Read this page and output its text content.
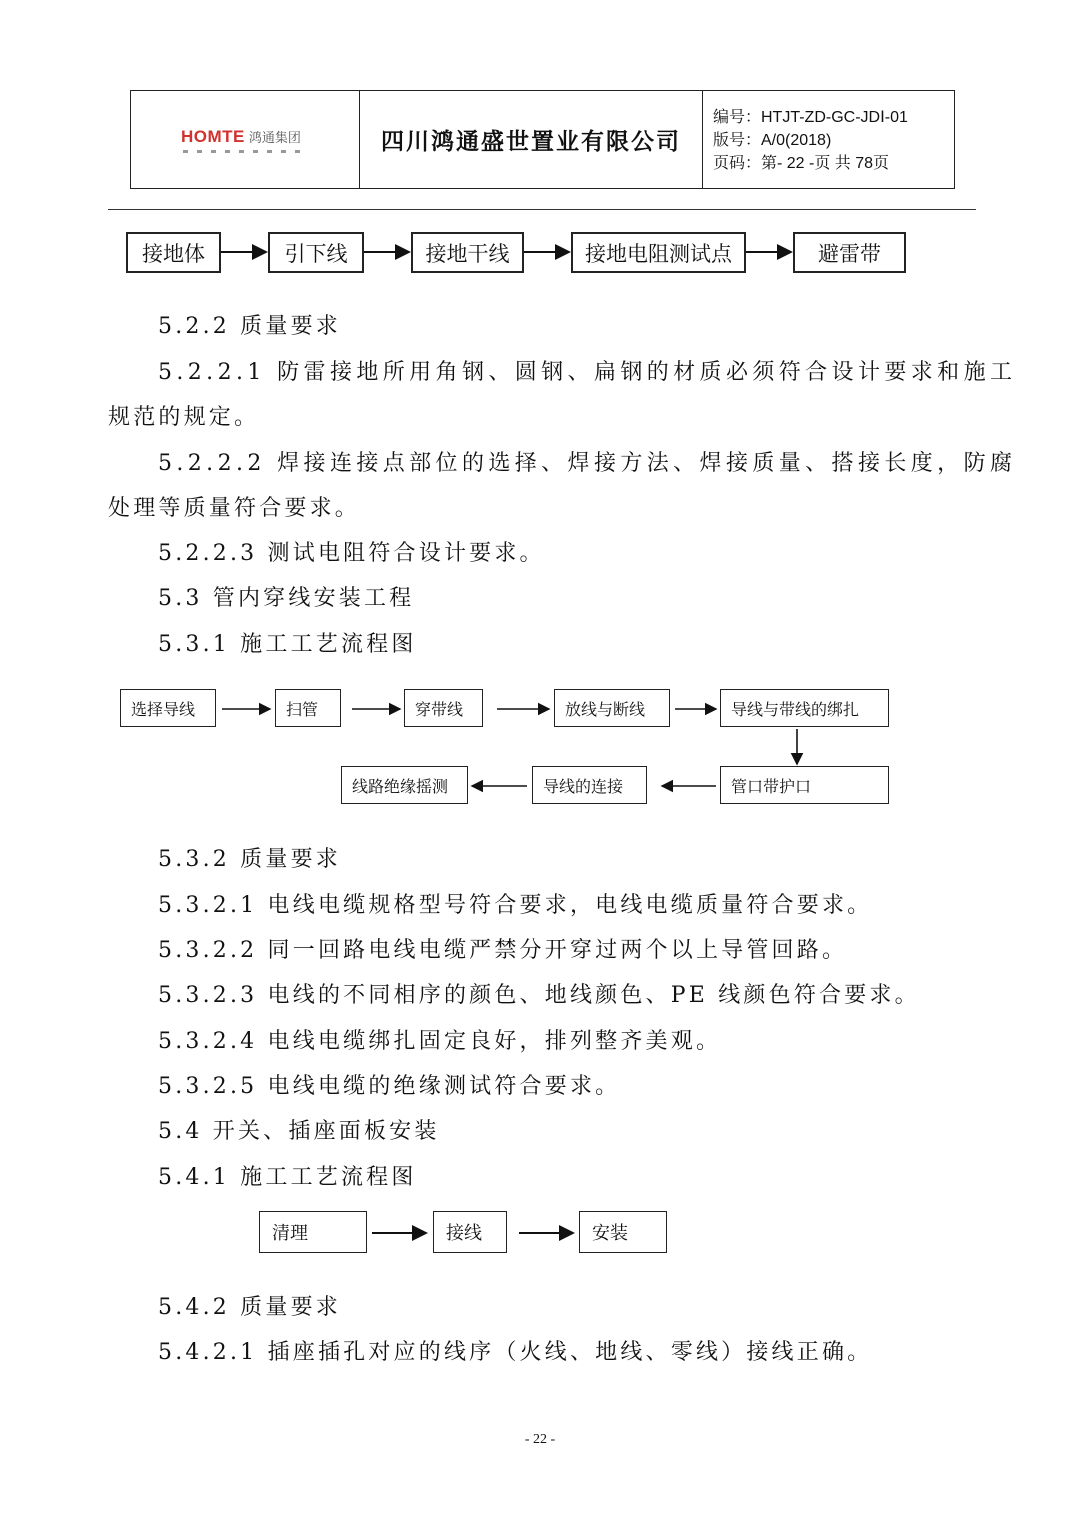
HOMTE 鸿通集团	四川鸿通盛世置业有限公司
编号：HTJT-ZD-GC-JDⅠ-01
版号：A/0(2018)
页码：第- 22 -页 共 78页
接地体	引下线	接地干线	接地电阻测试点	避雷带
5.2.2 质量要求
5.2.2.1 防雷接地所用角钢、圆钢、扁钢的材质必须符合设计要求和施工
规范的规定。
5.2.2.2 焊接连接点部位的选择、焊接方法、焊接质量、搭接长度，防腐
处理等质量符合要求。
5.2.2.3 测试电阻符合设计要求。
5.3 管内穿线安装工程
5.3.1 施工工艺流程图
选择导线	扫管	穿带线	放线与断线	导线与带线的绑扎
管口带护口
导线的连接
线路绝缘摇测
5.3.2 质量要求
5.3.2.1 电线电缆规格型号符合要求，电线电缆质量符合要求。
5.3.2.2 同一回路电线电缆严禁分开穿过两个以上导管回路。
5.3.2.3 电线的不同相序的颜色、地线颜色、PE 线颜色符合要求。
5.3.2.4 电线电缆绑扎固定良好，排列整齐美观。
5.3.2.5 电线电缆的绝缘测试符合要求。
5.4 开关、插座面板安装
5.4.1 施工工艺流程图
清理	接线	安装
5.4.2 质量要求
5.4.2.1 插座插孔对应的线序（火线、地线、零线）接线正确。
- 22 -
